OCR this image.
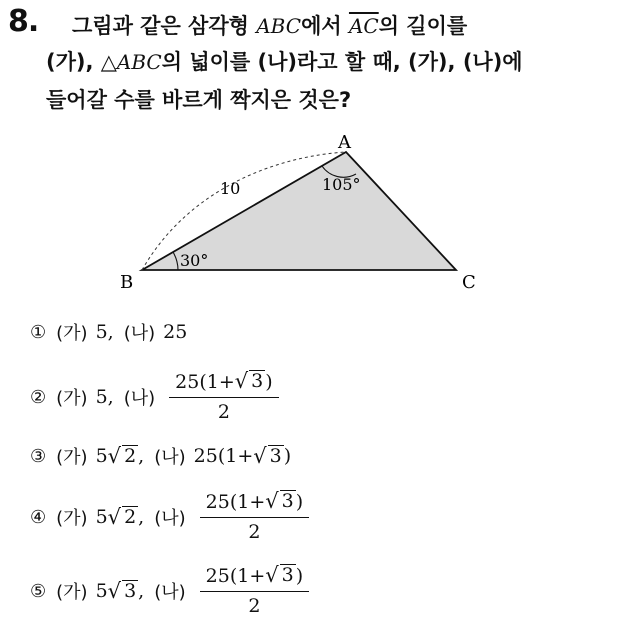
8. 그림과 같은 삼각형 ABC에서 $\overline{AC}$의 길이를
(가), △ABC의 넓이를 (나)라고 할 때, (가), (나)에
들어갈 수를 바르게 짝지은 것은?
A
B	C
10
30°
105°
① (가) 5 , (나) 25
② (가) 5 , (나) $\frac{25(1+ √ 3 )}{2}$
③ (가) 5 √ 2 , (나) 25(1+ √ 3 )
④ (가) 5 √ 2 , (나) $\frac{25(1+ √ 3 )}{2}$
⑤ (가) 5 √ 3 , (나) $\frac{25(1+ √ 3 )}{2}$
